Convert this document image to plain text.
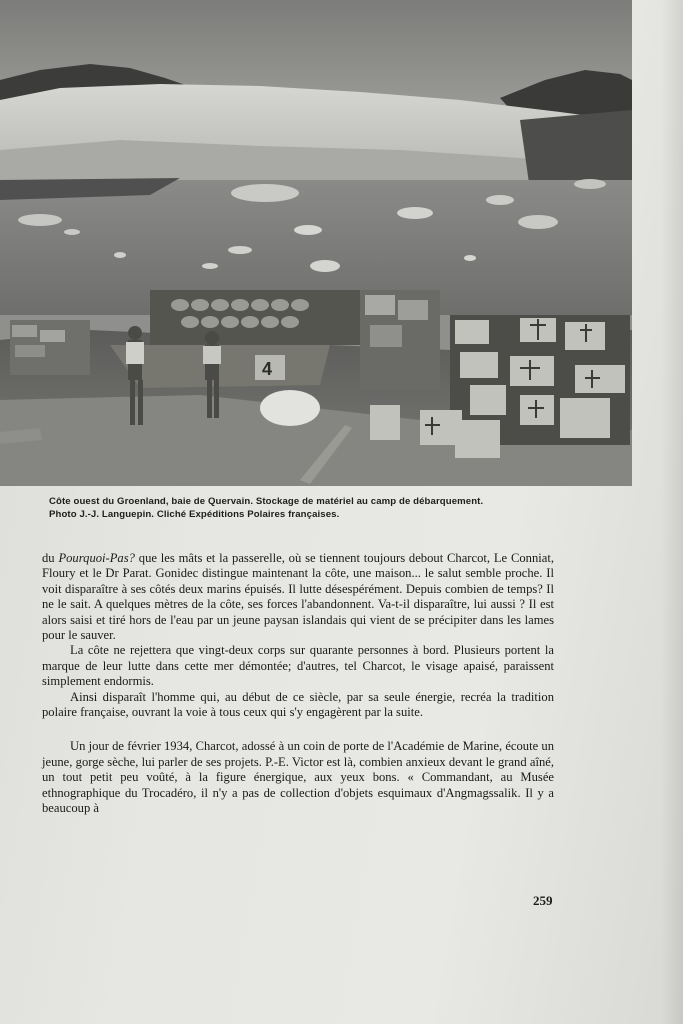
4
Côte ouest du Groenland, baie de Quervain. Stockage de matériel au camp de débarquement.
Photo J.-J. Languepin. Cliché Expéditions Polaires françaises.

du Pourquoi-Pas? que les mâts et la passerelle, où se tiennent toujours debout Charcot, Le Conniat, Floury et le Dr Parat. Gonidec distingue maintenant la côte, une maison... le salut semble proche. Il voit disparaître à ses côtés deux marins épuisés. Il lutte désespérément. Depuis combien de temps? Il ne le sait. A quelques mètres de la côte, ses forces l'abandonnent. Va-t-il disparaître, lui aussi ? Il est alors saisi et tiré hors de l'eau par un jeune paysan islandais qui vient de se précipiter dans les lames pour le sauver.

La côte ne rejettera que vingt-deux corps sur quarante personnes à bord. Plusieurs portent la marque de leur lutte dans cette mer démontée; d'autres, tel Charcot, le visage apaisé, paraissent simplement endormis.

Ainsi disparaît l'homme qui, au début de ce siècle, par sa seule énergie, recréa la tradition polaire française, ouvrant la voie à tous ceux qui s'y engagèrent par la suite.

Un jour de février 1934, Charcot, adossé à un coin de porte de l'Académie de Marine, écoute un jeune, gorge sèche, lui parler de ses projets. P.-E. Victor est là, combien anxieux devant le grand aîné, un tout petit peu voûté, à la figure énergique, aux yeux bons. « Commandant, au Musée ethnographique du Trocadéro, il n'y a pas de collection d'objets esquimaux d'Angmagssalik. Il y a beaucoup à

259
